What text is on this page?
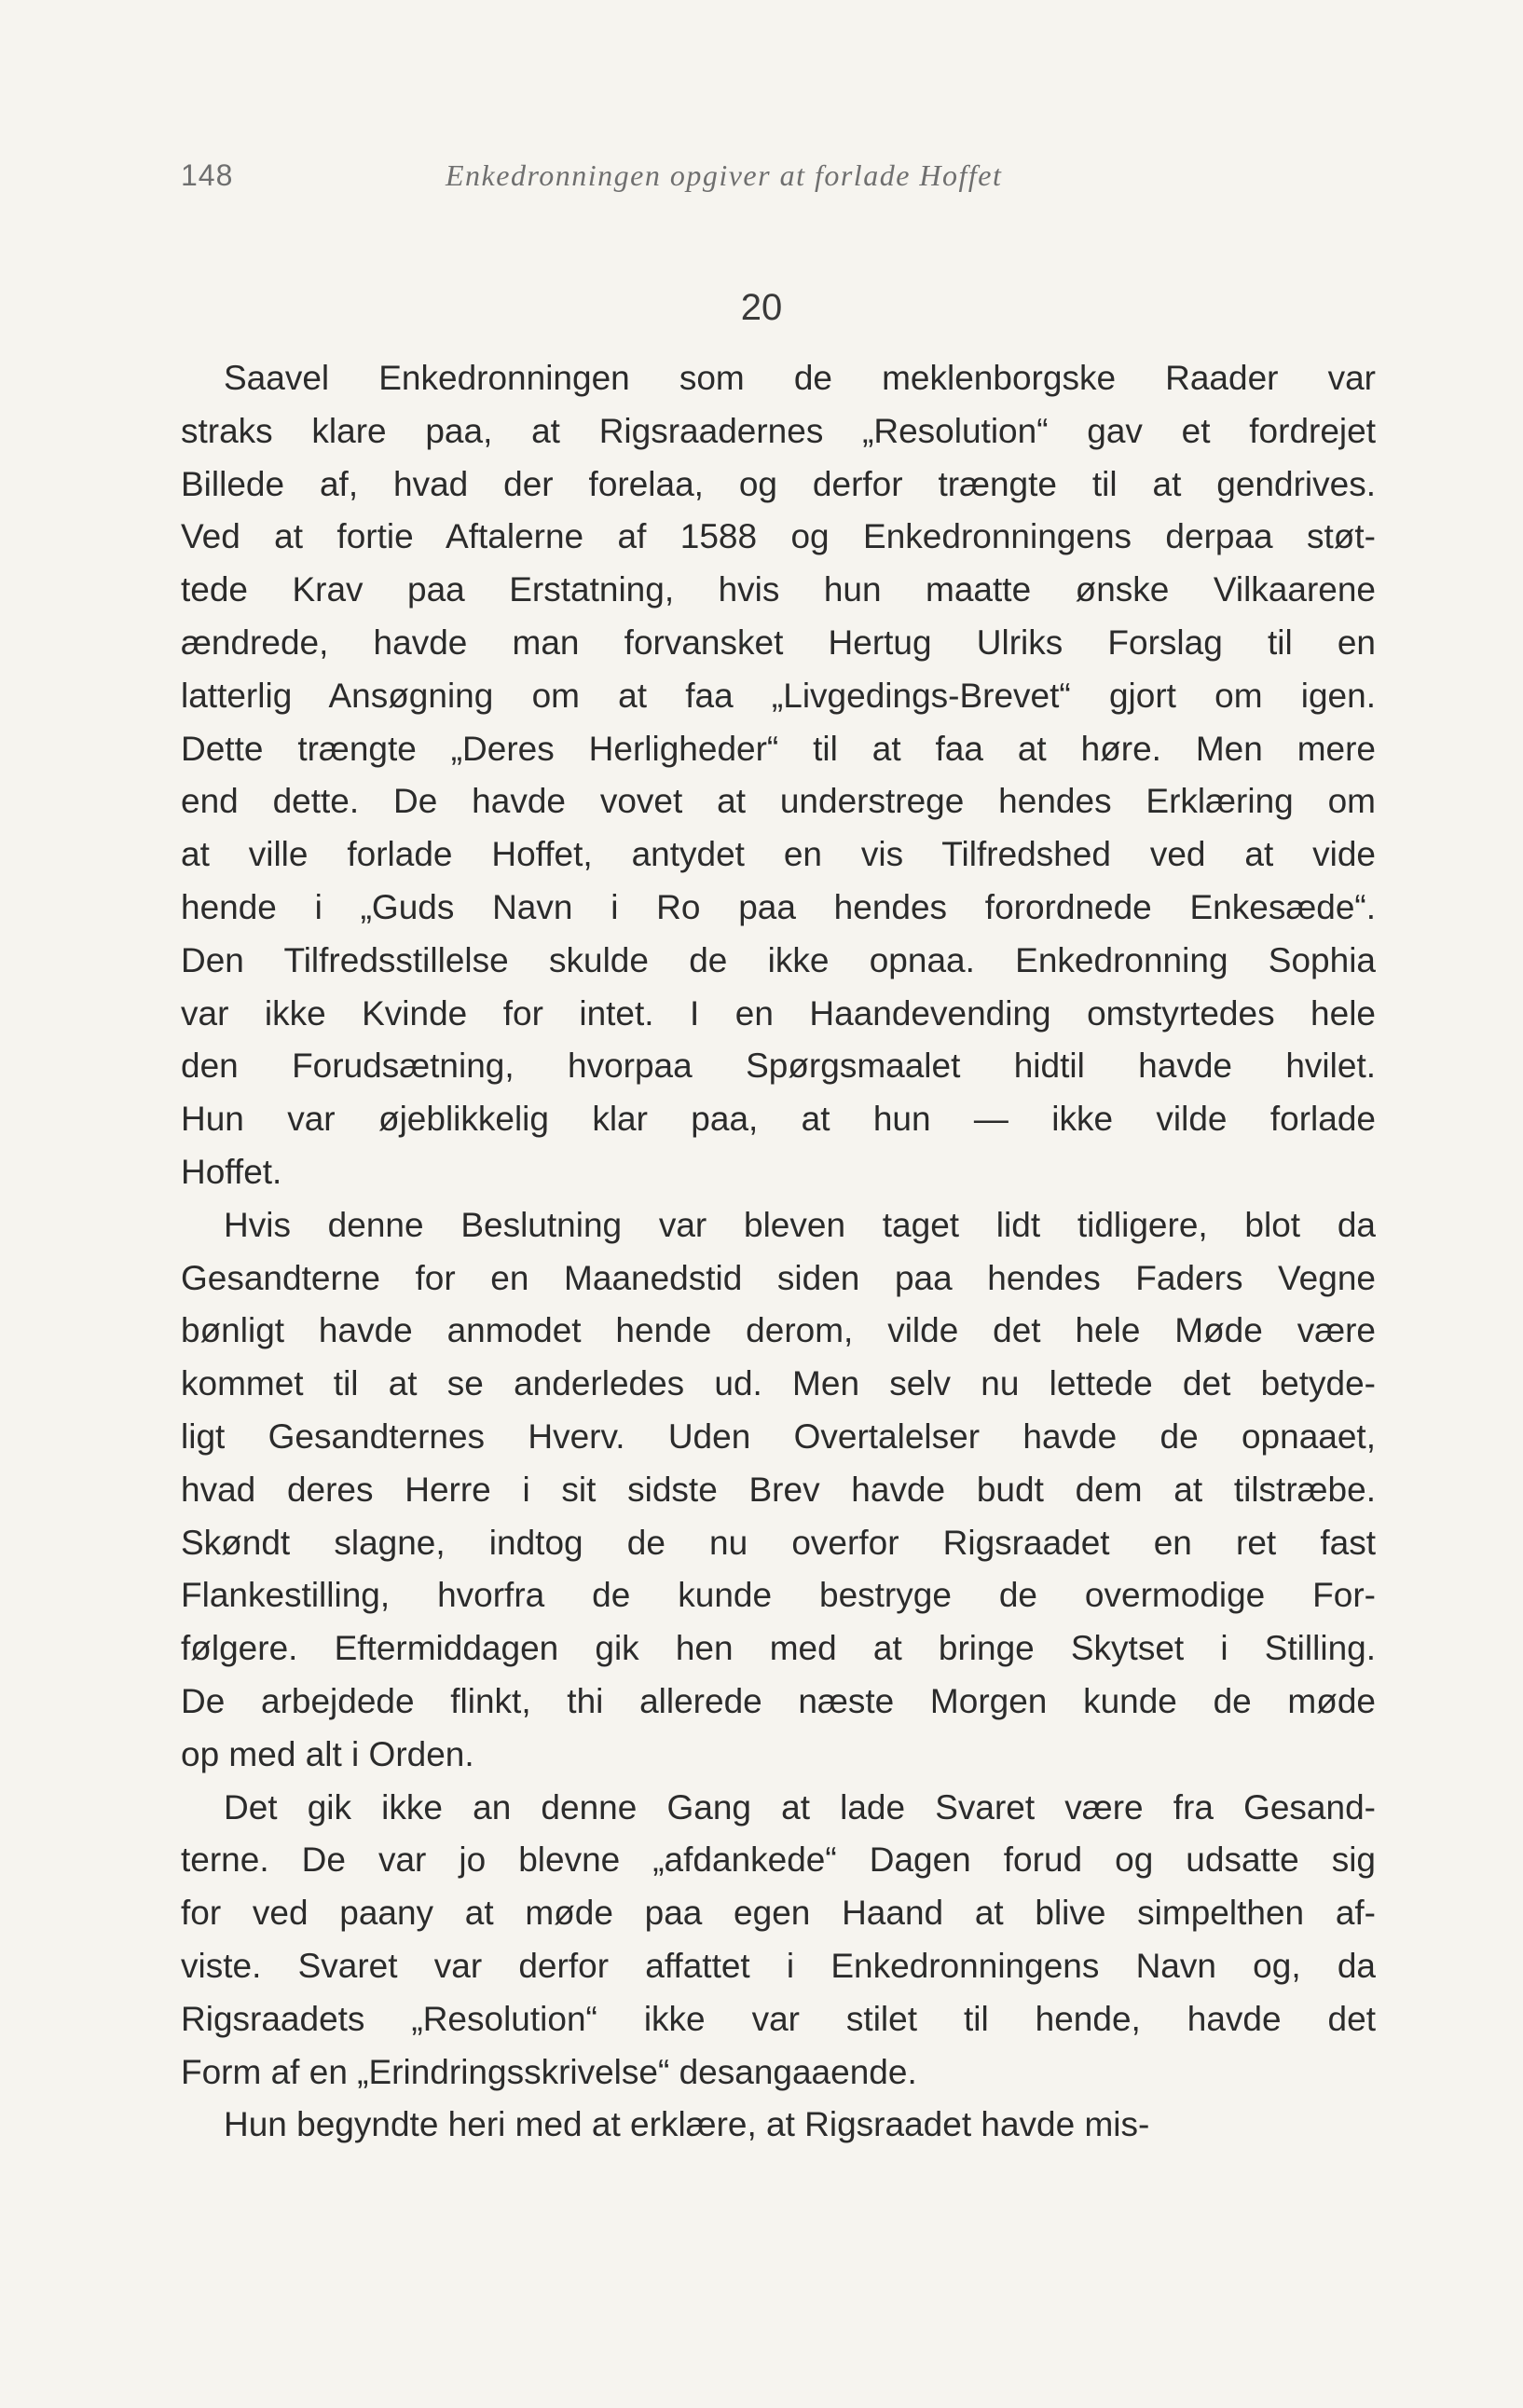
148	Enkedronningen opgiver at forlade Hoffet
20
Saavel Enkedronningen som de meklenborgske Raader var
straks klare paa, at Rigsraadernes „Resolution“ gav et fordrejet
Billede af, hvad der forelaa, og derfor trængte til at gendrives.
Ved at fortie Aftalerne af 1588 og Enkedronningens derpaa støt-
tede Krav paa Erstatning, hvis hun maatte ønske Vilkaarene
ændrede, havde man forvansket Hertug Ulriks Forslag til en
latterlig Ansøgning om at faa „Livgedings-Brevet“ gjort om igen.
Dette trængte „Deres Herligheder“ til at faa at høre. Men mere
end dette. De havde vovet at understrege hendes Erklæring om
at ville forlade Hoffet, antydet en vis Tilfredshed ved at vide
hende i „Guds Navn i Ro paa hendes forordnede Enkesæde“.
Den Tilfredsstillelse skulde de ikke opnaa. Enkedronning Sophia
var ikke Kvinde for intet. I en Haandevending omstyrtedes hele
den Forudsætning, hvorpaa Spørgsmaalet hidtil havde hvilet.
Hun var øjeblikkelig klar paa, at hun — ikke vilde forlade
Hoffet.
Hvis denne Beslutning var bleven taget lidt tidligere, blot da
Gesandterne for en Maanedstid siden paa hendes Faders Vegne
bønligt havde anmodet hende derom, vilde det hele Møde være
kommet til at se anderledes ud. Men selv nu lettede det betyde-
ligt Gesandternes Hverv. Uden Overtalelser havde de opnaaet,
hvad deres Herre i sit sidste Brev havde budt dem at tilstræbe.
Skøndt slagne, indtog de nu overfor Rigsraadet en ret fast
Flankestilling, hvorfra de kunde bestryge de overmodige For-
følgere. Eftermiddagen gik hen med at bringe Skytset i Stilling.
De arbejdede flinkt, thi allerede næste Morgen kunde de møde
op med alt i Orden.
Det gik ikke an denne Gang at lade Svaret være fra Gesand-
terne. De var jo blevne „afdankede“ Dagen forud og udsatte sig
for ved paany at møde paa egen Haand at blive simpelthen af-
viste. Svaret var derfor affattet i Enkedronningens Navn og, da
Rigsraadets „Resolution“ ikke var stilet til hende, havde det
Form af en „Erindringsskrivelse“ desangaaende.
Hun begyndte heri med at erklære, at Rigsraadet havde mis-
